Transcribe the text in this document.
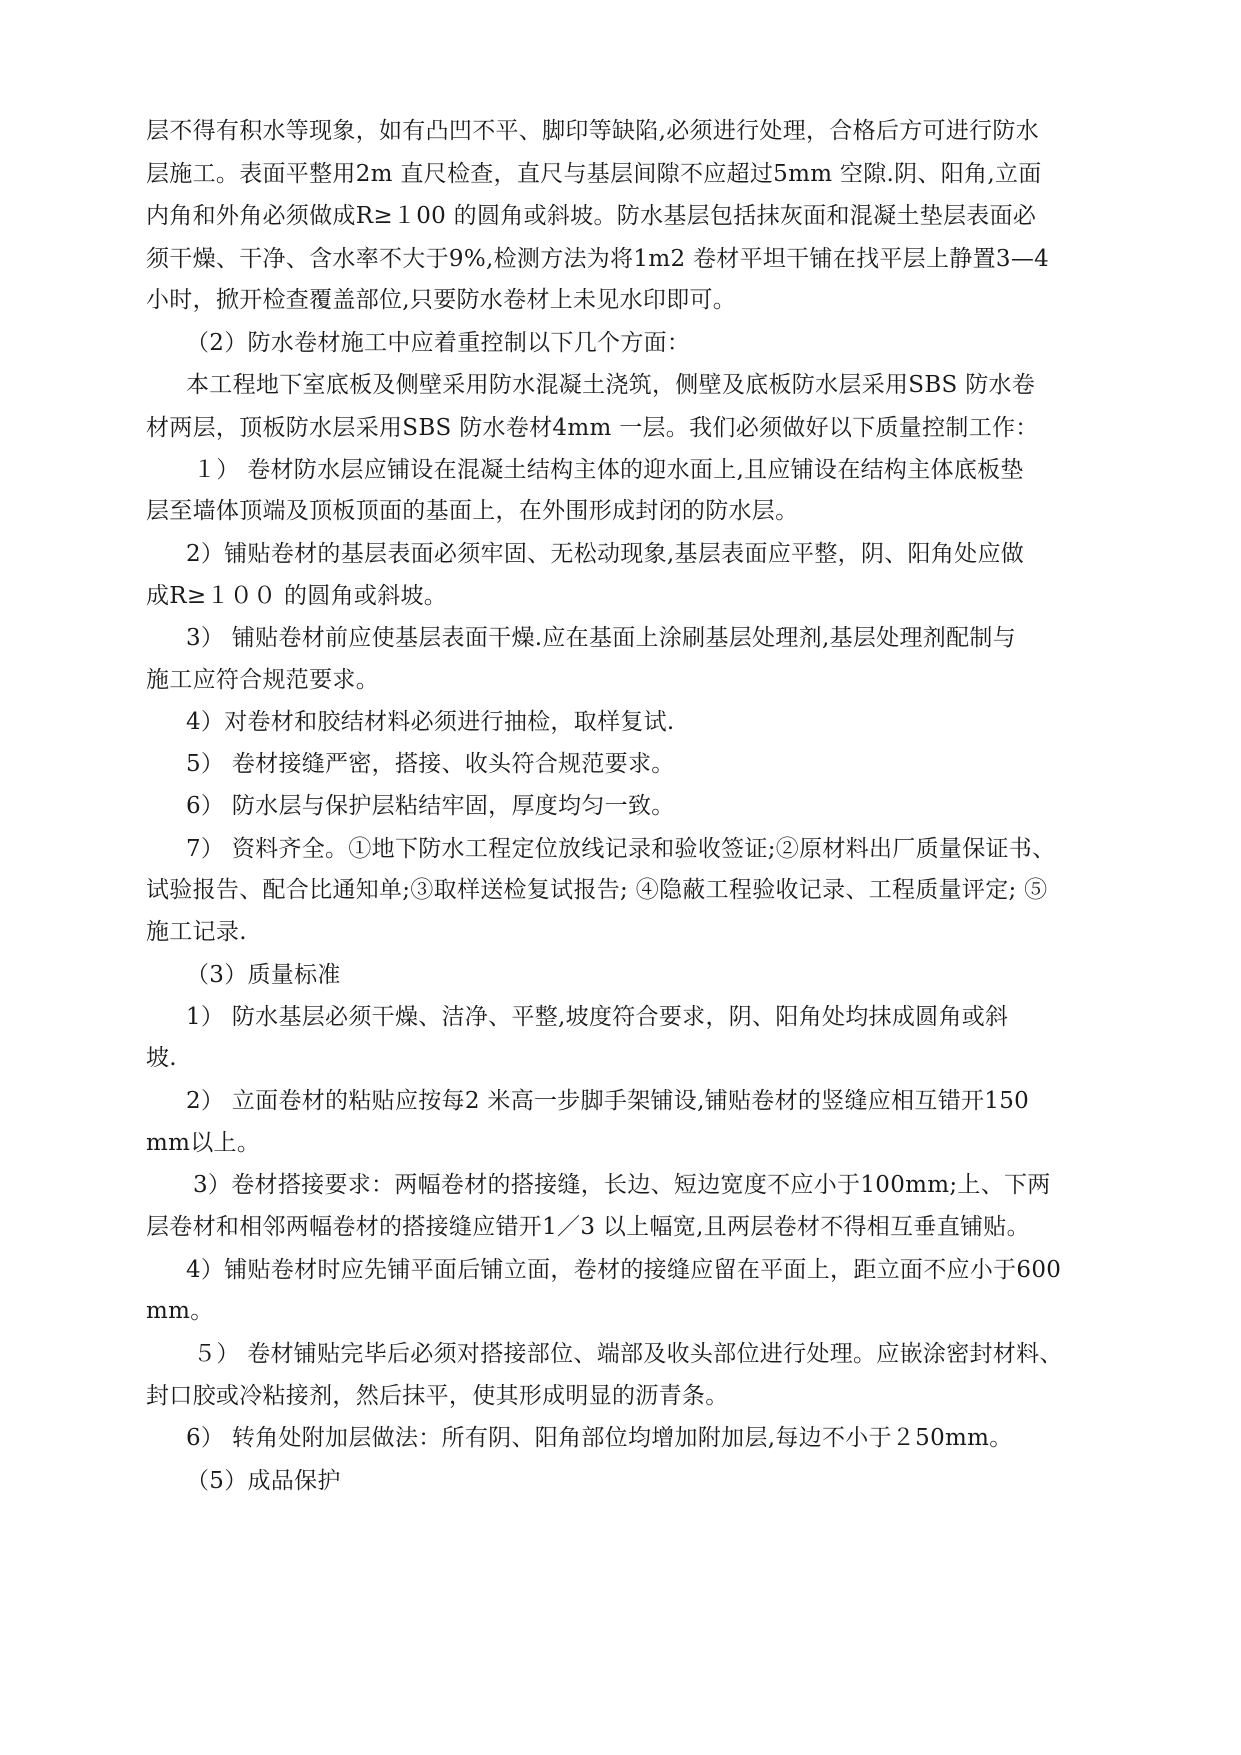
层不得有积水等现象，如有凸凹不平、脚印等缺陷,必须进行处理，合格后方可进行防水
层施工。表面平整用2m 直尺检查，直尺与基层间隙不应超过5mm 空隙.阴、阳角,立面
内角和外角必须做成R≥１00 的圆角或斜坡。防水基层包括抹灰面和混凝土垫层表面必
须干燥、干净、含水率不大于9%,检测方法为将1m2 卷材平坦干铺在找平层上静置3—4
小时，掀开检查覆盖部位,只要防水卷材上未见水印即可。
（2）防水卷材施工中应着重控制以下几个方面：
本工程地下室底板及侧壁采用防水混凝土浇筑，侧壁及底板防水层采用SBS 防水卷
材两层，顶板防水层采用SBS 防水卷材4mm 一层。我们必须做好以下质量控制工作：
１） 卷材防水层应铺设在混凝土结构主体的迎水面上,且应铺设在结构主体底板垫
层至墙体顶端及顶板顶面的基面上，在外围形成封闭的防水层。
2）铺贴卷材的基层表面必须牢固、无松动现象,基层表面应平整，阴、阳角处应做
成R≥１００ 的圆角或斜坡。
3） 铺贴卷材前应使基层表面干燥.应在基面上涂刷基层处理剂,基层处理剂配制与
施工应符合规范要求。
4）对卷材和胶结材料必须进行抽检，取样复试.
5） 卷材接缝严密，搭接、收头符合规范要求。
6） 防水层与保护层粘结牢固，厚度均匀一致。
7） 资料齐全。①地下防水工程定位放线记录和验收签证;②原材料出厂质量保证书、
试验报告、配合比通知单;③取样送检复试报告; ④隐蔽工程验收记录、工程质量评定; ⑤
施工记录.
（3）质量标准
1） 防水基层必须干燥、洁净、平整,坡度符合要求，阴、阳角处均抹成圆角或斜
坡.
2） 立面卷材的粘贴应按每2 米高一步脚手架铺设,铺贴卷材的竖缝应相互错开150
mm以上。
3）卷材搭接要求：两幅卷材的搭接缝，长边、短边宽度不应小于100mm;上、下两
层卷材和相邻两幅卷材的搭接缝应错开1／3 以上幅宽,且两层卷材不得相互垂直铺贴。
4）铺贴卷材时应先铺平面后铺立面，卷材的接缝应留在平面上，距立面不应小于600
mm。
５） 卷材铺贴完毕后必须对搭接部位、端部及收头部位进行处理。应嵌涂密封材料、
封口胶或冷粘接剂，然后抹平，使其形成明显的沥青条。
6） 转角处附加层做法：所有阴、阳角部位均增加附加层,每边不小于２50mm。
（5）成品保护
